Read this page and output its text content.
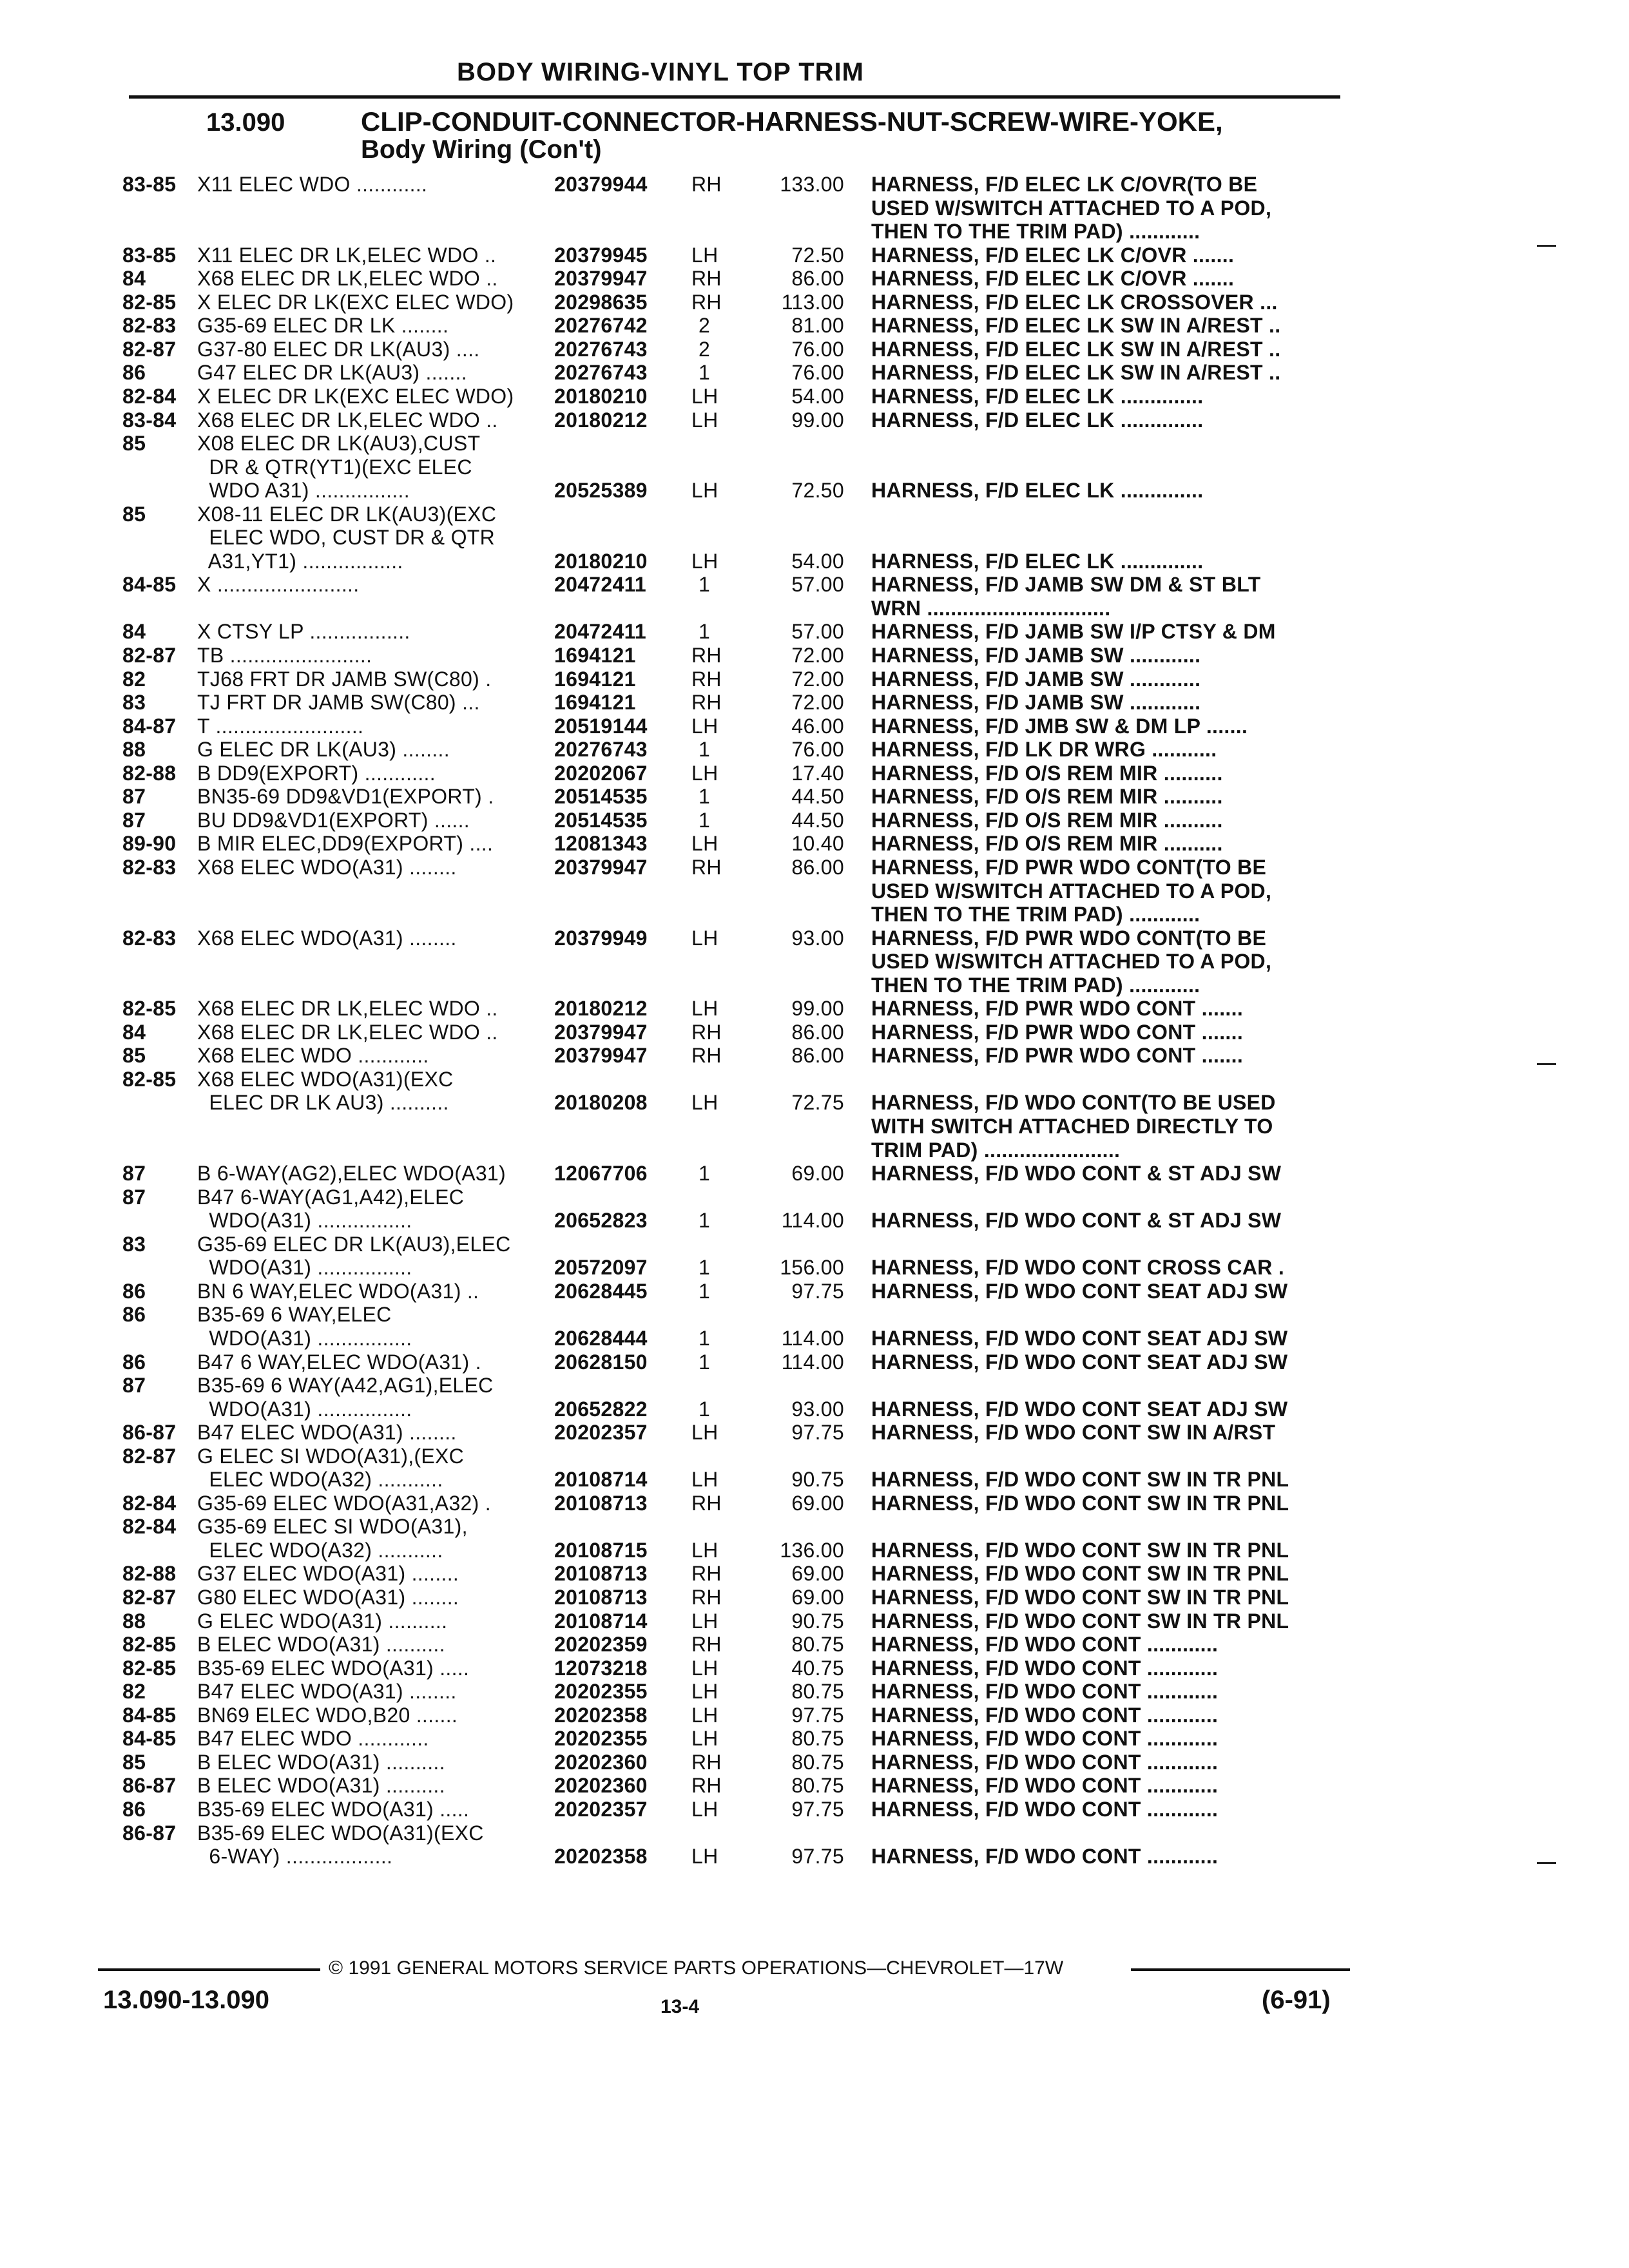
BODY WIRING-VINYL TOP TRIM
13.090	CLIP-CONDUIT-CONNECTOR-HARNESS-NUT-SCREW-WIRE-YOKE,
Body Wiring (Con't)
83-85 X11 ELEC WDO ............	20379944 RH	133.00 HARNESS, F/D ELEC LK C/OVR(TO BE
USED W/SWITCH ATTACHED TO A POD,
THEN TO THE TRIM PAD) ............
83-85 X11 ELEC DR LK,ELEC WDO ..	20379945 LH	72.50 HARNESS, F/D ELEC LK C/OVR .......
84 X68 ELEC DR LK,ELEC WDO ..	20379947 RH	86.00 HARNESS, F/D ELEC LK C/OVR .......
82-85 X ELEC DR LK(EXC ELEC WDO) 20298635 RH	113.00 HARNESS, F/D ELEC LK CROSSOVER ...
82-83 G35-69 ELEC DR LK ........	20276742	2	81.00 HARNESS, F/D ELEC LK SW IN A/REST ..
82-87 G37-80 ELEC DR LK(AU3) ....	20276743	2	76.00 HARNESS, F/D ELEC LK SW IN A/REST ..
86 G47 ELEC DR LK(AU3) .......	20276743	1	76.00 HARNESS, F/D ELEC LK SW IN A/REST ..
82-84 X ELEC DR LK(EXC ELEC WDO) 20180210 LH	54.00 HARNESS, F/D ELEC LK ..............
83-84 X68 ELEC DR LK,ELEC WDO ..	20180212 LH	99.00 HARNESS, F/D ELEC LK ..............
85 X08 ELEC DR LK(AU3),CUST
DR & QTR(YT1)(EXC ELEC
WDO A31) ................	20525389 LH	72.50 HARNESS, F/D ELEC LK ..............
85 X08-11 ELEC DR LK(AU3)(EXC
ELEC WDO, CUST DR & QTR
A31,YT1) .................	20180210 LH	54.00 HARNESS, F/D ELEC LK ..............
84-85 X ........................	20472411	1	57.00 HARNESS, F/D JAMB SW DM & ST BLT
WRN ...............................
84 X CTSY LP .................	20472411	1	57.00 HARNESS, F/D JAMB SW I/P CTSY & DM
82-87 TB ........................	1694121	RH	72.00 HARNESS, F/D JAMB SW ............
82 TJ68 FRT DR JAMB SW(C80) .	1694121	RH	72.00 HARNESS, F/D JAMB SW ............
83 TJ FRT DR JAMB SW(C80) ...	1694121	RH	72.00 HARNESS, F/D JAMB SW ............
84-87 T .........................	20519144 LH	46.00 HARNESS, F/D JMB SW & DM LP .......
88 G ELEC DR LK(AU3) ........	20276743	1	76.00 HARNESS, F/D LK DR WRG ...........
82-88 B DD9(EXPORT) ............	20202067 LH	17.40 HARNESS, F/D O/S REM MIR ..........
87 BN35-69 DD9&VD1(EXPORT) .	20514535	1	44.50 HARNESS, F/D O/S REM MIR ..........
87 BU DD9&VD1(EXPORT) ......	20514535	1	44.50 HARNESS, F/D O/S REM MIR ..........
89-90 B MIR ELEC,DD9(EXPORT) ....	12081343 LH	10.40 HARNESS, F/D O/S REM MIR ..........
82-83 X68 ELEC WDO(A31) ........	20379947 RH	86.00 HARNESS, F/D PWR WDO CONT(TO BE
USED W/SWITCH ATTACHED TO A POD,
THEN TO THE TRIM PAD) ............
82-83 X68 ELEC WDO(A31) ........	20379949 LH	93.00 HARNESS, F/D PWR WDO CONT(TO BE
USED W/SWITCH ATTACHED TO A POD,
THEN TO THE TRIM PAD) ............
82-85 X68 ELEC DR LK,ELEC WDO ..	20180212 LH	99.00 HARNESS, F/D PWR WDO CONT .......
84 X68 ELEC DR LK,ELEC WDO ..	20379947 RH	86.00 HARNESS, F/D PWR WDO CONT .......
85 X68 ELEC WDO ............	20379947 RH	86.00 HARNESS, F/D PWR WDO CONT .......
82-85 X68 ELEC WDO(A31)(EXC
ELEC DR LK AU3) ..........	20180208 LH	72.75 HARNESS, F/D WDO CONT(TO BE USED
WITH SWITCH ATTACHED DIRECTLY TO
TRIM PAD) .......................
87 B 6-WAY(AG2),ELEC WDO(A31) 12067706	1	69.00 HARNESS, F/D WDO CONT & ST ADJ SW
87 B47 6-WAY(AG1,A42),ELEC
WDO(A31) ................	20652823	1	114.00 HARNESS, F/D WDO CONT & ST ADJ SW
83 G35-69 ELEC DR LK(AU3),ELEC
WDO(A31) ................	20572097	1	156.00 HARNESS, F/D WDO CONT CROSS CAR .
86 BN 6 WAY,ELEC WDO(A31) ..	20628445	1	97.75 HARNESS, F/D WDO CONT SEAT ADJ SW
86 B35-69 6 WAY,ELEC
WDO(A31) ................	20628444	1	114.00 HARNESS, F/D WDO CONT SEAT ADJ SW
86 B47 6 WAY,ELEC WDO(A31) .	20628150	1	114.00 HARNESS, F/D WDO CONT SEAT ADJ SW
87 B35-69 6 WAY(A42,AG1),ELEC
WDO(A31) ................	20652822	1	93.00 HARNESS, F/D WDO CONT SEAT ADJ SW
86-87 B47 ELEC WDO(A31) ........	20202357 LH	97.75 HARNESS, F/D WDO CONT SW IN A/RST
82-87 G ELEC SI WDO(A31),(EXC
ELEC WDO(A32) ...........	20108714 LH	90.75 HARNESS, F/D WDO CONT SW IN TR PNL
82-84 G35-69 ELEC WDO(A31,A32) .	20108713 RH	69.00 HARNESS, F/D WDO CONT SW IN TR PNL
82-84 G35-69 ELEC SI WDO(A31),
ELEC WDO(A32) ...........	20108715 LH	136.00 HARNESS, F/D WDO CONT SW IN TR PNL
82-88 G37 ELEC WDO(A31) ........	20108713 RH	69.00 HARNESS, F/D WDO CONT SW IN TR PNL
82-87 G80 ELEC WDO(A31) ........	20108713 RH	69.00 HARNESS, F/D WDO CONT SW IN TR PNL
88 G ELEC WDO(A31) ..........	20108714 LH	90.75 HARNESS, F/D WDO CONT SW IN TR PNL
82-85 B ELEC WDO(A31) ..........	20202359 RH	80.75 HARNESS, F/D WDO CONT ............
82-85 B35-69 ELEC WDO(A31) .....	12073218 LH	40.75 HARNESS, F/D WDO CONT ............
82 B47 ELEC WDO(A31) ........	20202355 LH	80.75 HARNESS, F/D WDO CONT ............
84-85 BN69 ELEC WDO,B20 .......	20202358 LH	97.75 HARNESS, F/D WDO CONT ............
84-85 B47 ELEC WDO ............	20202355 LH	80.75 HARNESS, F/D WDO CONT ............
85 B ELEC WDO(A31) ..........	20202360 RH	80.75 HARNESS, F/D WDO CONT ............
86-87 B ELEC WDO(A31) ..........	20202360 RH	80.75 HARNESS, F/D WDO CONT ............
86 B35-69 ELEC WDO(A31) .....	20202357 LH	97.75 HARNESS, F/D WDO CONT ............
86-87 B35-69 ELEC WDO(A31)(EXC
6-WAY) ..................	20202358 LH	97.75 HARNESS, F/D WDO CONT ............
© 1991 GENERAL MOTORS SERVICE PARTS OPERATIONS—CHEVROLET—17W
13.090-13.090	13-4	(6-91)
